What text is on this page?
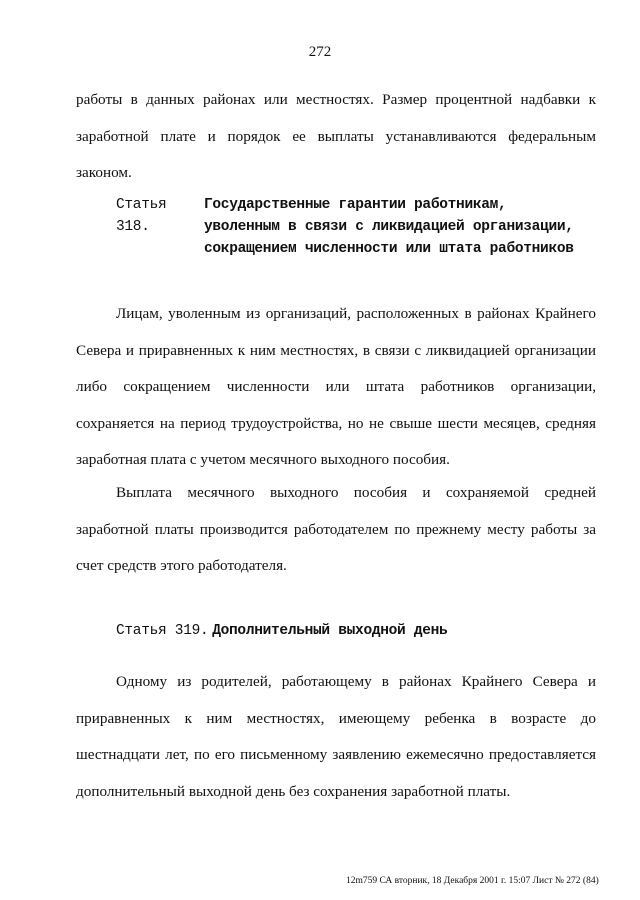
272

работы в данных районах или местностях. Размер процентной надбавки к заработной плате и порядок ее выплаты устанавливаются федеральным законом.

Статья 318.Государственные гарантии работникам, уволенным в связи с ликвидацией организации, сокращением численности или штата работников

Лицам, уволенным из организаций, расположенных в районах Крайнего Севера и приравненных к ним местностях, в связи с ликвидацией организации либо сокращением численности или штата работников организации, сохраняется на период трудоустройства, но не свыше шести месяцев, средняя заработная плата с учетом месячного выходного пособия.

Выплата месячного выходного пособия и сохраняемой средней заработной платы производится работодателем по прежнему месту работы за счет средств этого работодателя.

Статья 319. Дополнительный выходной день

Одному из родителей, работающему в районах Крайнего Севера и приравненных к ним местностях, имеющему ребенка в возрасте до шестнадцати лет, по его письменному заявлению ежемесячно предоставляется дополнительный выходной день без сохранения заработной платы.

12m759 СА вторник, 18 Декабря 2001 г. 15:07 Лист № 272 (84)
